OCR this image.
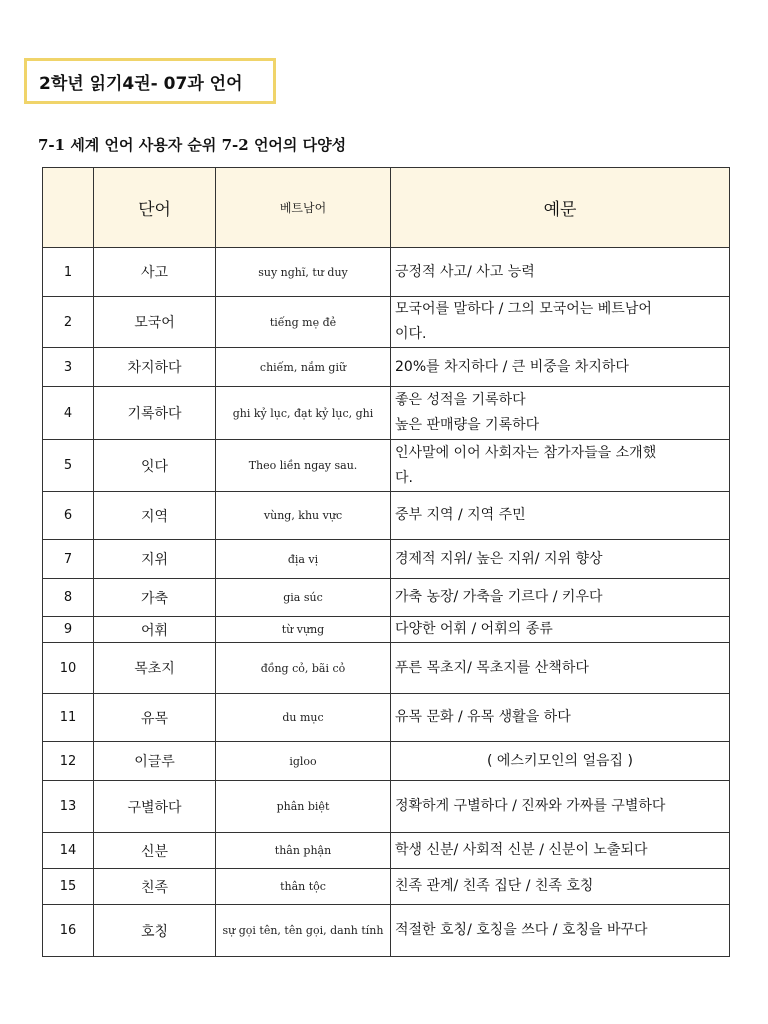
2학년 읽기4권- 07과 언어
7-1 세계 언어 사용자 순위 7-2 언어의 다양성
	단어	베트남어	예문
1	사고	suy nghĩ, tư duy	긍정적 사고/ 사고 능력

2	모국어	tiếng mẹ đẻ	모국어를 말하다 / 그의 모국어는 베트남어
이다.

3	차지하다	chiếm, nắm giữ	20%를 차지하다 / 큰 비중을 차지하다

4	기록하다	ghi kỷ lục, đạt kỷ lục, ghi	좋은 성적을 기록하다
높은 판매량을 기록하다

5	잇다	Theo liền ngay sau.	인사말에 이어 사회자는 참가자들을 소개했
다.

6	지역	vùng, khu vực	중부 지역 / 지역 주민

7	지위	địa vị	경제적 지위/ 높은 지위/ 지위 향상

8	가축	gia súc	가축 농장/ 가축을 기르다 / 키우다

9	어휘	từ vựng	다양한 어휘 / 어휘의 종류

10	목초지	đồng cỏ, bãi cỏ	푸른 목초지/ 목초지를 산책하다

11	유목	du mục	유목 문화 / 유목 생활을 하다

12	이글루	igloo	( 에스키모인의 얼음집 )

13	구별하다	phân biệt	정확하게 구별하다 / 진짜와 가짜를 구별하다

14	신분	thân phận	학생 신분/ 사회적 신분 / 신분이 노출되다

15	친족	thân tộc	친족 관계/ 친족 집단 / 친족 호칭

16	호칭	sự gọi tên, tên gọi, danh tính	적절한 호칭/ 호칭을 쓰다 / 호칭을 바꾸다
